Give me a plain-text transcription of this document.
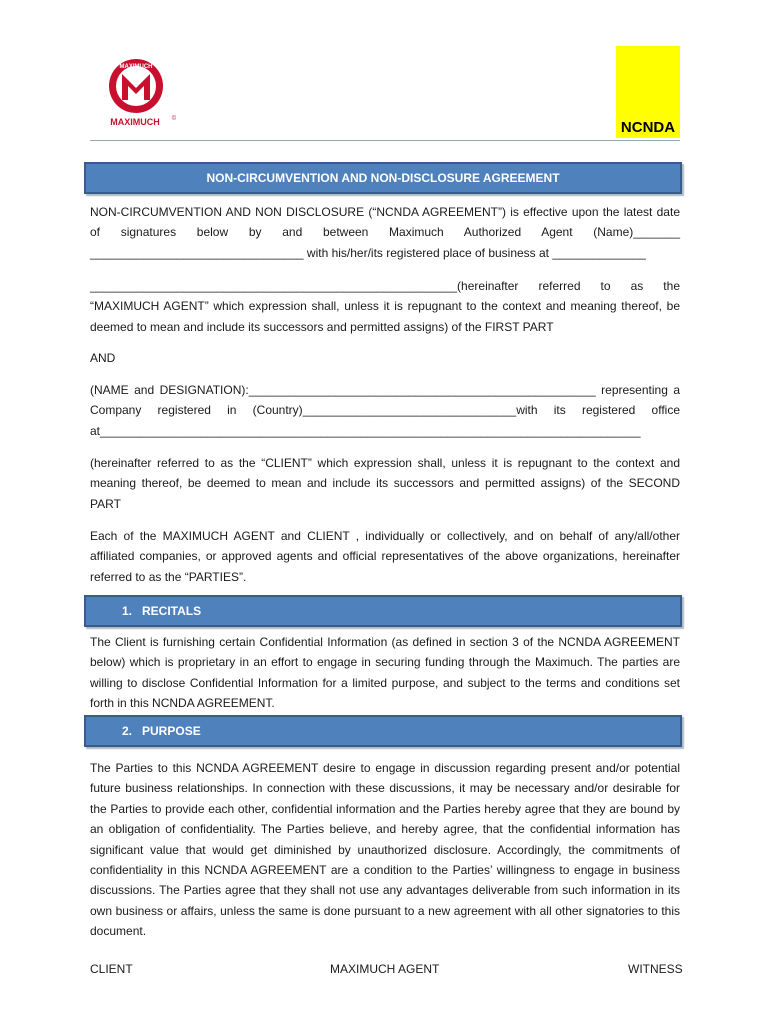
MAXIMUCH
MAXIMUCH ©	NCNDA
NON-CIRCUMVENTION AND NON-DISCLOSURE AGREEMENT
NON-CIRCUMVENTION AND NON DISCLOSURE (“NCNDA AGREEMENT”) is effective upon the latest date of signatures below by and between Maximuch Authorized Agent (Name)_______ ________________________________ with his/her/its registered place of business at ______________
_______________________________________________________(hereinafter referred to as the “MAXIMUCH AGENT” which expression shall, unless it is repugnant to the context and meaning thereof, be deemed to mean and include its successors and permitted assigns) of the FIRST PART
AND
(NAME and DESIGNATION):____________________________________________________ representing a Company registered in (Country)________________________________with its registered office at_________________________________________________________________________________
(hereinafter referred to as the “CLIENT” which expression shall, unless it is repugnant to the context and meaning thereof, be deemed to mean and include its successors and permitted assigns) of the SECOND PART
Each of the MAXIMUCH AGENT and CLIENT , individually or collectively, and on behalf of any/all/other affiliated companies, or approved agents and official representatives of the above organizations, hereinafter referred to as the “PARTIES”.
1. RECITALS
The Client is furnishing certain Confidential Information (as defined in section 3 of the NCNDA AGREEMENT below) which is proprietary in an effort to engage in securing funding through the Maximuch. The parties are willing to disclose Confidential Information for a limited purpose, and subject to the terms and conditions set forth in this NCNDA AGREEMENT.
2. PURPOSE
The Parties to this NCNDA AGREEMENT desire to engage in discussion regarding present and/or potential future business relationships. In connection with these discussions, it may be necessary and/or desirable for the Parties to provide each other, confidential information and the Parties hereby agree that they are bound by an obligation of confidentiality. The Parties believe, and hereby agree, that the confidential information has significant value that would get diminished by unauthorized disclosure. Accordingly, the commitments of confidentiality in this NCNDA AGREEMENT are a condition to the Parties’ willingness to engage in business discussions. The Parties agree that they shall not use any advantages deliverable from such information in its own business or affairs, unless the same is done pursuant to a new agreement with all other signatories to this document.
CLIENT	MAXIMUCH AGENT	WITNESS
